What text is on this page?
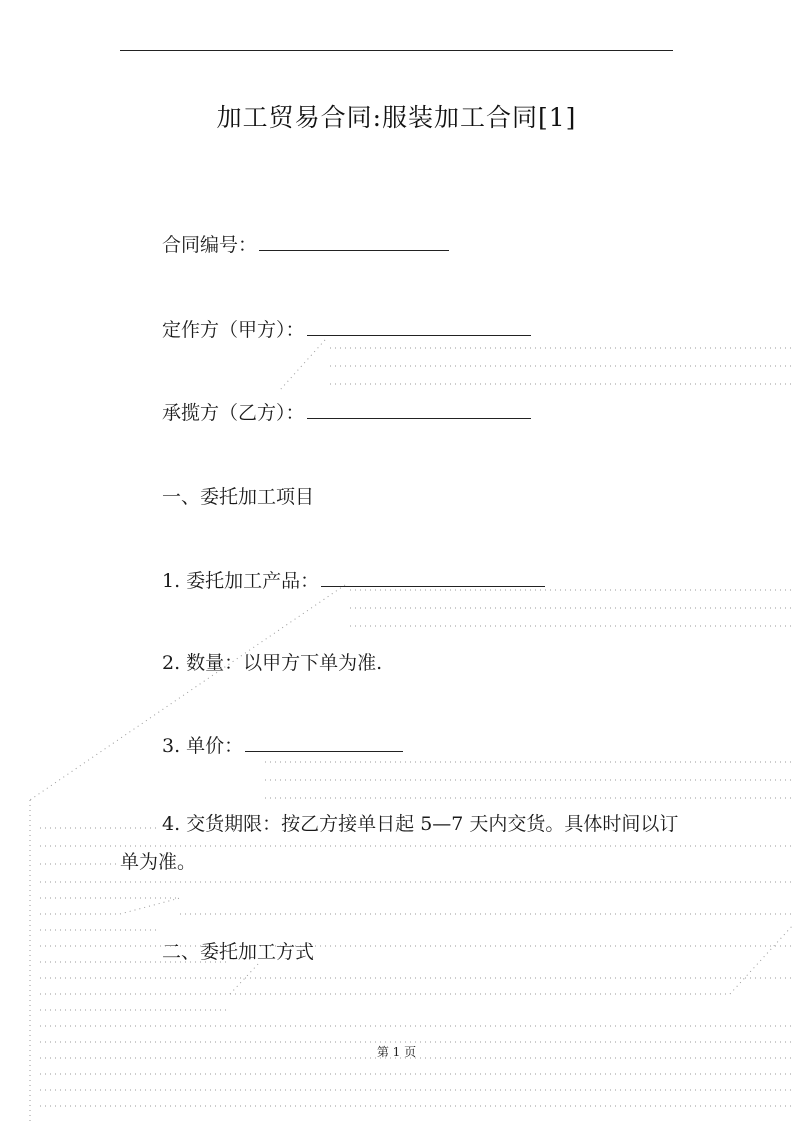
加工贸易合同:服装加工合同[1]
合同编号：
定作方（甲方）：
承揽方（乙方）：
一、委托加工项目
1. 委托加工产品：
2. 数量：以甲方下单为准.
3. 单价：
4. 交货期限：按乙方接单日起 5—7 天内交货。具体时间以订单为准。
二、委托加工方式
第 1 页
